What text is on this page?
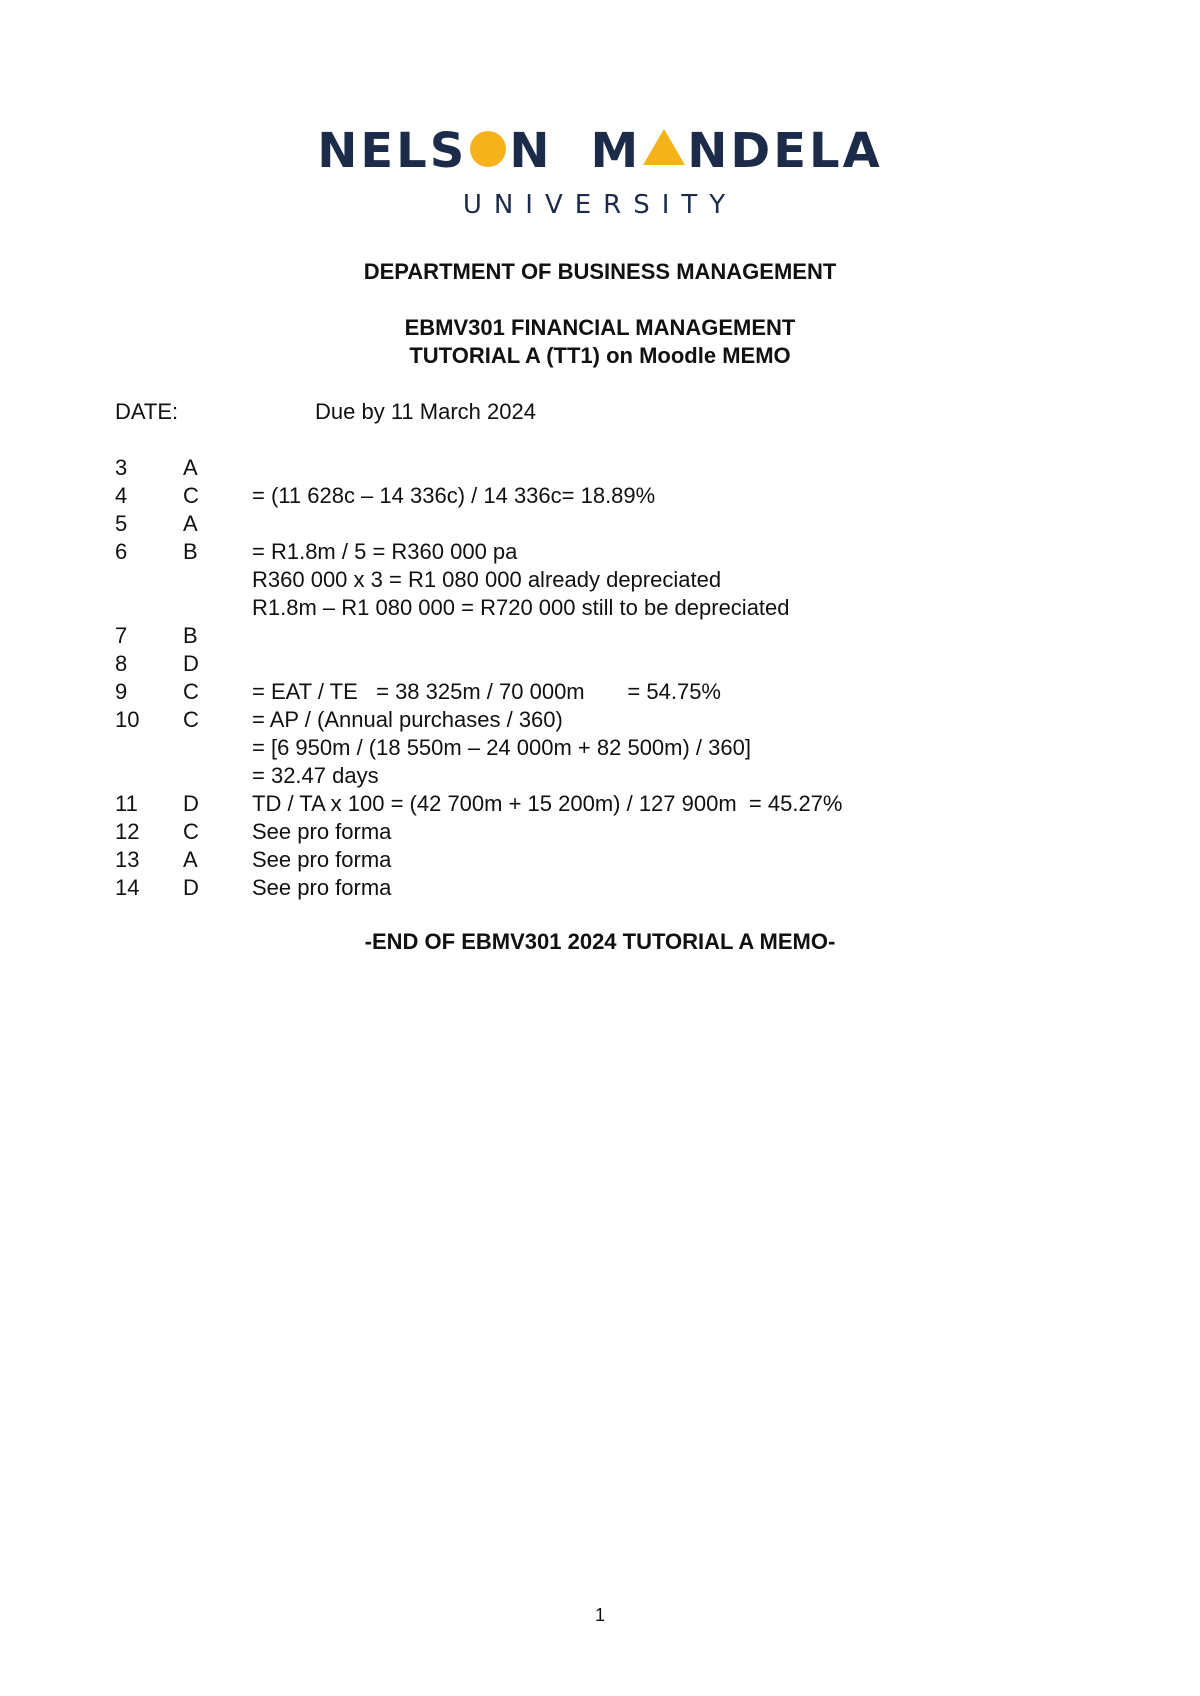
NELS N M NDELA
UNIVERSITY
DEPARTMENT OF BUSINESS MANAGEMENT
EBMV301 FINANCIAL MANAGEMENT
TUTORIAL A (TT1) on Moodle MEMO
DATE:	Due by 11 March 2024
3	A
4	C = (11 628c – 14 336c) / 14 336c= 18.89%
5	A
6	B = R1.8m / 5 = R360 000 pa
R360 000 x 3 = R1 080 000 already depreciated
R1.8m – R1 080 000 = R720 000 still to be depreciated
7	B
8	D
9	C = EAT / TE   = 38 325m / 70 000m       = 54.75%
10 C = AP / (Annual purchases / 360)
= [6 950m / (18 550m – 24 000m + 82 500m) / 360]
= 32.47 days
11 D TD / TA x 100 = (42 700m + 15 200m) / 127 900m  = 45.27%
12 C See pro forma
13 A See pro forma
14 D See pro forma
-END OF EBMV301 2024 TUTORIAL A MEMO-
1
